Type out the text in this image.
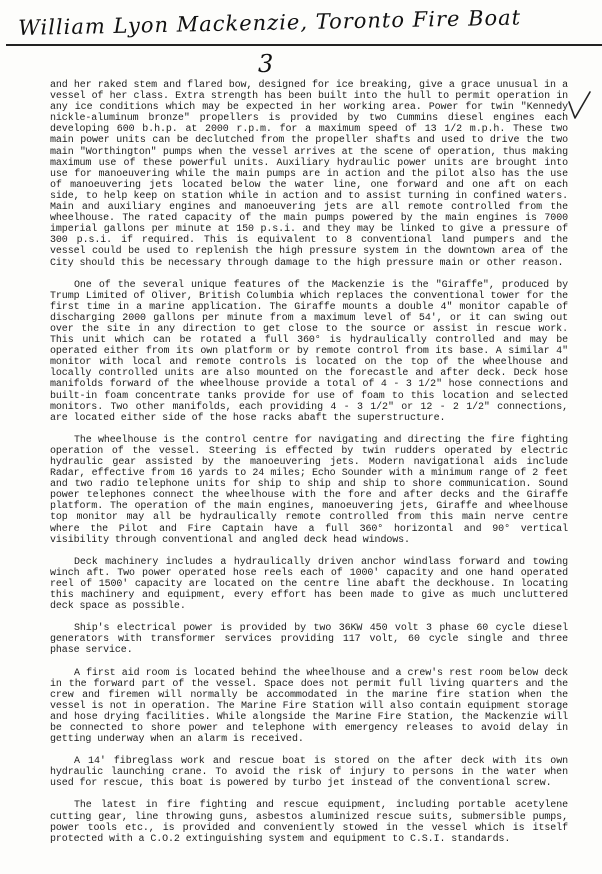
William Lyon Mackenzie, Toronto Fire Boat
3

and her raked stem and flared bow, designed for ice breaking, give a grace unusual in a vessel of her class. Extra strength has been built into the hull to permit operation in any ice conditions which may be expected in her working area. Power for twin "Kennedy nickle-aluminum bronze" propellers is provided by two Cummins diesel engines each developing 600 b.h.p. at 2000 r.p.m. for a maximum speed of 13 1/2 m.p.h. These two main power units can be declutched from the propeller shafts and used to drive the two main "Worthington" pumps when the vessel arrives at the scene of operation, thus making maximum use of these powerful units. Auxiliary hydraulic power units are brought into use for manoeuvering while the main pumps are in action and the pilot also has the use of manoeuvering jets located below the water line, one forward and one aft on each side, to help keep on station while in action and to assist turning in confined waters. Main and auxiliary engines and manoeuvering jets are all remote controlled from the wheelhouse. The rated capacity of the main pumps powered by the main engines is 7000 imperial gallons per minute at 150 p.s.i. and they may be linked to give a pressure of 300 p.s.i. if required. This is equivalent to 8 conventional land pumpers and the vessel could be used to replenish the high pressure system in the downtown area of the City should this be necessary through damage to the high pressure main or other reason.

One of the several unique features of the Mackenzie is the "Giraffe", produced by Trump Limited of Oliver, British Columbia which replaces the conventional tower for the first time in a marine application. The Giraffe mounts a double 4" monitor capable of discharging 2000 gallons per minute from a maximum level of 54', or it can swing out over the site in any direction to get close to the source or assist in rescue work. This unit which can be rotated a full 360° is hydraulically controlled and may be operated either from its own platform or by remote control from its base. A similar 4" monitor with local and remote controls is located on the top of the wheelhouse and locally controlled units are also mounted on the forecastle and after deck. Deck hose manifolds forward of the wheelhouse provide a total of 4 - 3 1/2" hose connections and built-in foam concentrate tanks provide for use of foam to this location and selected monitors. Two other manifolds, each providing 4 - 3 1/2" or 12 - 2 1/2" connections, are located either side of the hose racks abaft the superstructure.

The wheelhouse is the control centre for navigating and directing the fire fighting operation of the vessel. Steering is effected by twin rudders operated by electric hydraulic gear assisted by the manoeuvering jets. Modern navigational aids include Radar, effective from 16 yards to 24 miles; Echo Sounder with a minimum range of 2 feet and two radio telephone units for ship to ship and ship to shore communication. Sound power telephones connect the wheelhouse with the fore and after decks and the Giraffe platform. The operation of the main engines, manoeuvering jets, Giraffe and wheelhouse top monitor may all be hydraulically remote controlled from this main nerve centre where the Pilot and Fire Captain have a full 360° horizontal and 90° vertical visibility through conventional and angled deck head windows.

Deck machinery includes a hydraulically driven anchor windlass forward and towing winch aft. Two power operated hose reels each of 1000' capacity and one hand operated reel of 1500' capacity are located on the centre line abaft the deckhouse. In locating this machinery and equipment, every effort has been made to give as much uncluttered deck space as possible.

Ship's electrical power is provided by two 36KW 450 volt 3 phase 60 cycle diesel generators with transformer services providing 117 volt, 60 cycle single and three phase service.

A first aid room is located behind the wheelhouse and a crew's rest room below deck in the forward part of the vessel. Space does not permit full living quarters and the crew and firemen will normally be accommodated in the marine fire station when the vessel is not in operation. The Marine Fire Station will also contain equipment storage and hose drying facilities. While alongside the Marine Fire Station, the Mackenzie will be connected to shore power and telephone with emergency releases to avoid delay in getting underway when an alarm is received.

A 14' fibreglass work and rescue boat is stored on the after deck with its own hydraulic launching crane. To avoid the risk of injury to persons in the water when used for rescue, this boat is powered by turbo jet instead of the conventional screw.

The latest in fire fighting and rescue equipment, including portable acetylene cutting gear, line throwing guns, asbestos aluminized rescue suits, submersible pumps, power tools etc., is provided and conveniently stowed in the vessel which is itself protected with a C.O.2 extinguishing system and equipment to C.S.I. standards.
